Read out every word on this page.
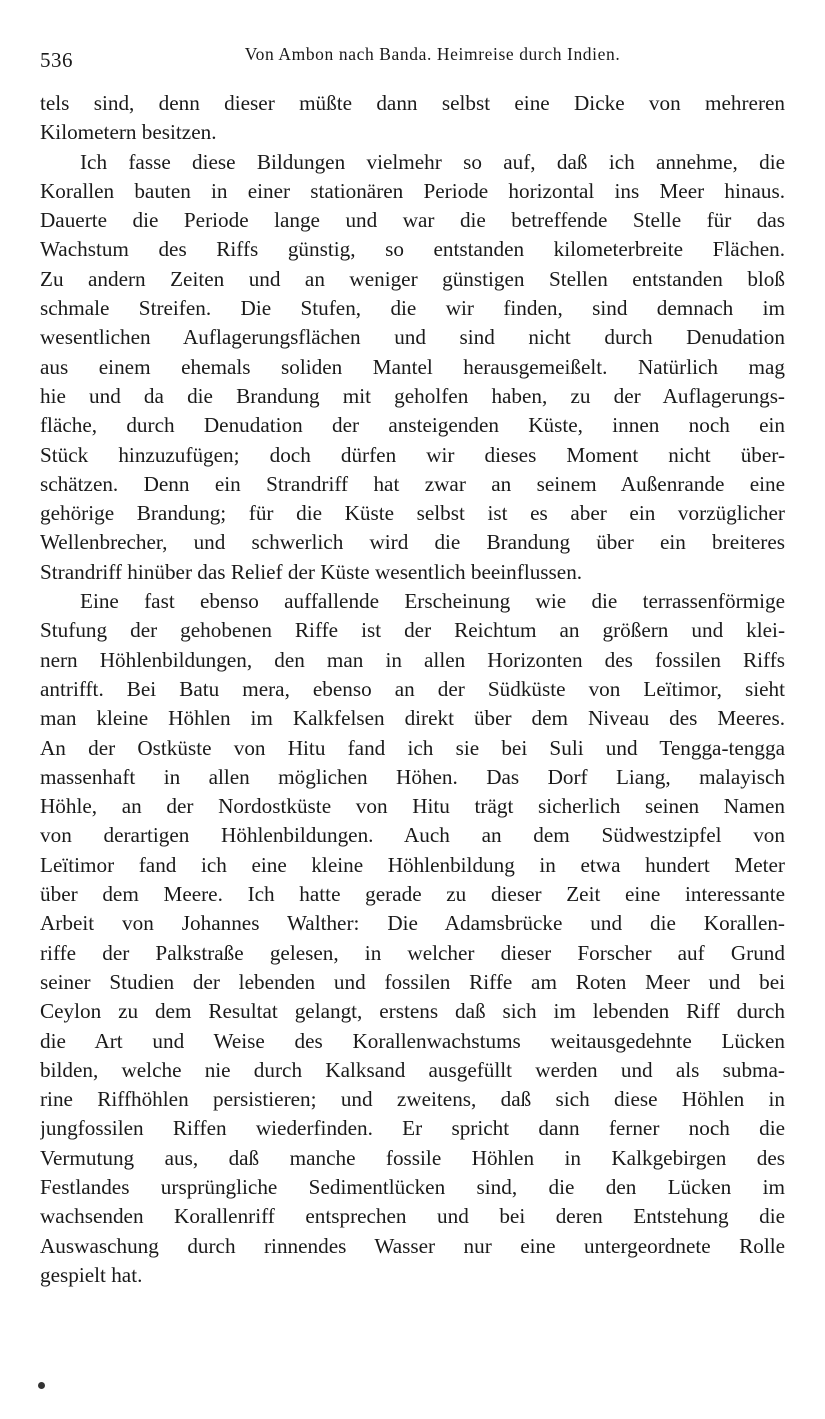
536	Von Ambon nach Banda. Heimreise durch Indien.

tels sind, denn dieser müßte dann selbst eine Dicke von mehreren
Kilometern besitzen.

Ich fasse diese Bildungen vielmehr so auf, daß ich annehme, die
Korallen bauten in einer stationären Periode horizontal ins Meer hinaus.
Dauerte die Periode lange und war die betreffende Stelle für das
Wachstum des Riffs günstig, so entstanden kilometerbreite Flächen.
Zu andern Zeiten und an weniger günstigen Stellen entstanden bloß
schmale Streifen. Die Stufen, die wir finden, sind demnach im
wesentlichen Auflagerungsflächen und sind nicht durch Denudation
aus einem ehemals soliden Mantel herausgemeißelt. Natürlich mag
hie und da die Brandung mit geholfen haben, zu der Auflagerungs-
fläche, durch Denudation der ansteigenden Küste, innen noch ein
Stück hinzuzufügen; doch dürfen wir dieses Moment nicht über-
schätzen. Denn ein Strandriff hat zwar an seinem Außenrande eine
gehörige Brandung; für die Küste selbst ist es aber ein vorzüglicher
Wellenbrecher, und schwerlich wird die Brandung über ein breiteres
Strandriff hinüber das Relief der Küste wesentlich beeinflussen.

Eine fast ebenso auffallende Erscheinung wie die terrassenförmige
Stufung der gehobenen Riffe ist der Reichtum an größern und klei-
nern Höhlenbildungen, den man in allen Horizonten des fossilen Riffs
antrifft. Bei Batu mera, ebenso an der Südküste von Leïtimor, sieht
man kleine Höhlen im Kalkfelsen direkt über dem Niveau des Meeres.
An der Ostküste von Hitu fand ich sie bei Suli und Tengga-tengga
massenhaft in allen möglichen Höhen. Das Dorf Liang, malayisch
Höhle, an der Nordostküste von Hitu trägt sicherlich seinen Namen
von derartigen Höhlenbildungen. Auch an dem Südwestzipfel von
Leïtimor fand ich eine kleine Höhlenbildung in etwa hundert Meter
über dem Meere. Ich hatte gerade zu dieser Zeit eine interessante
Arbeit von Johannes Walther: Die Adamsbrücke und die Korallen-
riffe der Palkstraße gelesen, in welcher dieser Forscher auf Grund
seiner Studien der lebenden und fossilen Riffe am Roten Meer und bei
Ceylon zu dem Resultat gelangt, erstens daß sich im lebenden Riff durch
die Art und Weise des Korallenwachstums weitausgedehnte Lücken
bilden, welche nie durch Kalksand ausgefüllt werden und als subma-
rine Riffhöhlen persistieren; und zweitens, daß sich diese Höhlen in
jungfossilen Riffen wiederfinden. Er spricht dann ferner noch die
Vermutung aus, daß manche fossile Höhlen in Kalkgebirgen des
Festlandes ursprüngliche Sedimentlücken sind, die den Lücken im
wachsenden Korallenriff entsprechen und bei deren Entstehung die
Auswaschung durch rinnendes Wasser nur eine untergeordnete Rolle
gespielt hat.
